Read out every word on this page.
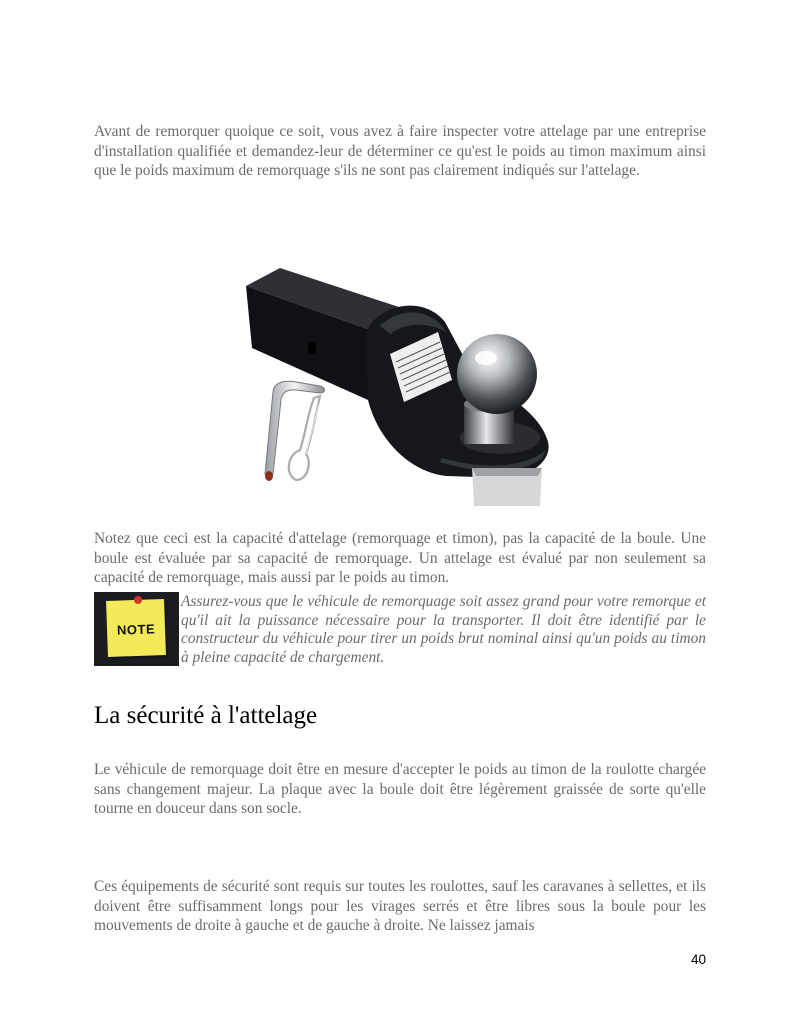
Avant de remorquer quoique ce soit, vous avez à faire inspecter votre attelage par une entreprise d'installation qualifiée et demandez-leur de déterminer ce qu'est le poids au timon maximum ainsi que le poids maximum de remorquage s'ils ne sont pas clairement indiqués sur l'attelage.

Notez que ceci est la capacité d'attelage (remorquage et timon), pas la capacité de la boule. Une boule est évaluée par sa capacité de remorquage. Un attelage est évalué par non seulement sa capacité de remorquage, mais aussi par le poids au timon.

NOTE

Assurez-vous que le véhicule de remorquage soit assez grand pour votre remorque et qu'il ait la puissance nécessaire pour la transporter. Il doit être identifié par le constructeur du véhicule pour tirer un poids brut nominal ainsi qu'un poids au timon à pleine capacité de chargement.

La sécurité à l'attelage

Le véhicule de remorquage doit être en mesure d'accepter le poids au timon de la roulotte chargée sans changement majeur. La plaque avec la boule doit être légèrement graissée de sorte qu'elle tourne en douceur dans son socle.

Ces équipements de sécurité sont requis sur toutes les roulottes, sauf les caravanes à sellettes, et ils doivent être suffisamment longs pour les virages serrés et être libres sous la boule pour les mouvements de droite à gauche et de gauche à droite. Ne laissez jamais

40
